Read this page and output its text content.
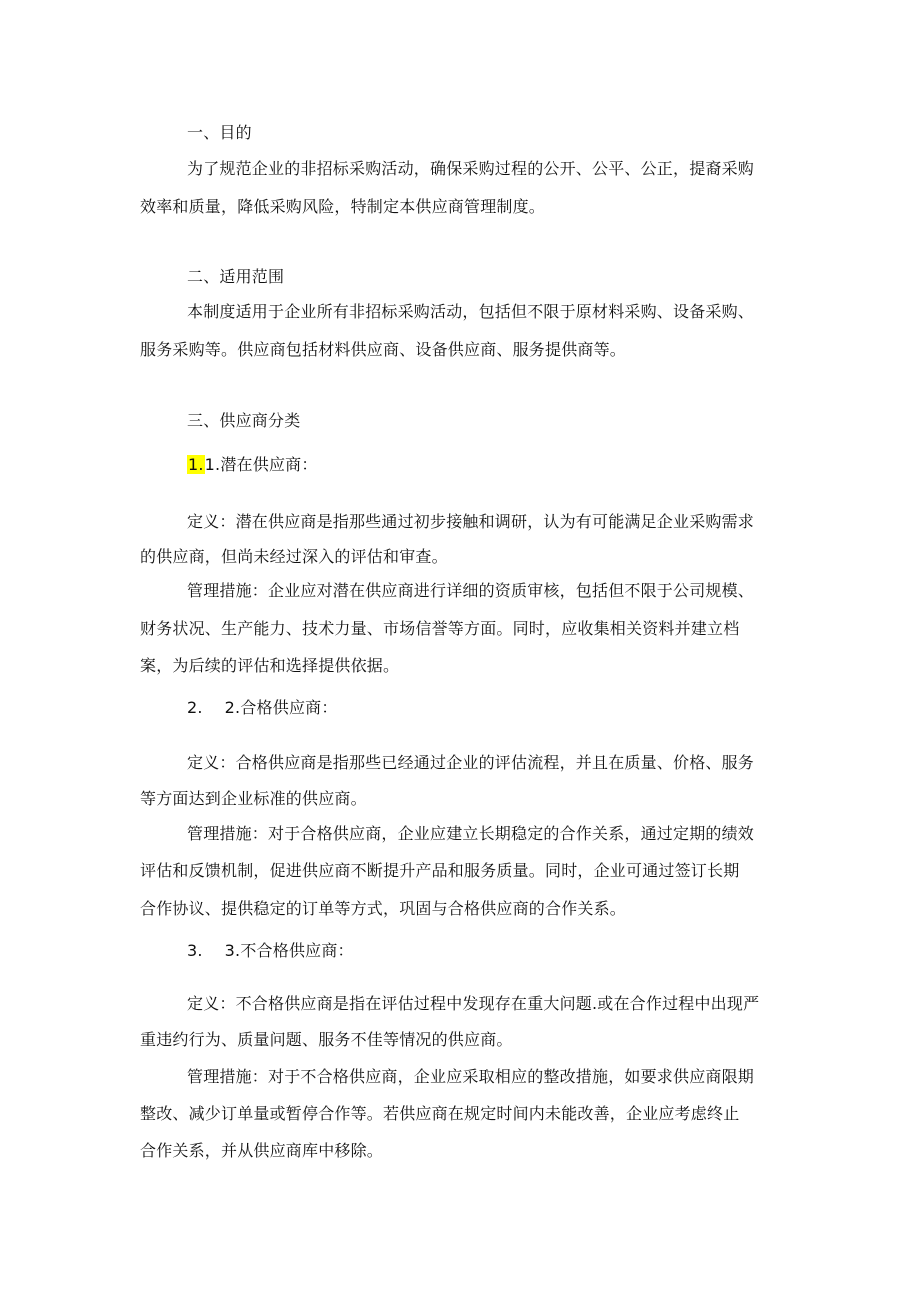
一、目的
为了规范企业的非招标采购活动，确保采购过程的公开、公平、公正，提裔采购
效率和质量，降低采购风险，特制定本供应商管理制度。
二、适用范围
本制度适用于企业所有非招标采购活动，包括但不限于原材料采购、设备采购、
服务采购等。供应商包括材料供应商、设备供应商、服务提供商等。
三、供应商分类
1.1.潜在供应商：
定义：潜在供应商是指那些通过初步接触和调研，认为有可能满足企业采购需求
的供应商，但尚未经过深入的评估和审查。
管理措施：企业应对潜在供应商进行详细的资质审核，包括但不限于公司规模、
财务状况、生产能力、技术力量、市场信誉等方面。同时，应收集相关资料并建立档
案，为后续的评估和选择提供依据。
2. 2.合格供应商：
定义：合格供应商是指那些已经通过企业的评估流程，并且在质量、价格、服务
等方面达到企业标准的供应商。
管理措施：对于合格供应商，企业应建立长期稳定的合作关系，通过定期的绩效
评估和反馈机制，促进供应商不断提升产品和服务质量。同时，企业可通过签订长期
合作协议、提供稳定的订单等方式，巩固与合格供应商的合作关系。
3. 3.不合格供应商：
定义：不合格供应商是指在评估过程中发现存在重大问题.或在合作过程中出现严
重违约行为、质量问题、服务不佳等情况的供应商。
管理措施：对于不合格供应商，企业应采取相应的整改措施，如要求供应商限期
整改、减少订单量或暂停合作等。若供应商在规定时间内未能改善，企业应考虑终止
合作关系，并从供应商库中移除。
